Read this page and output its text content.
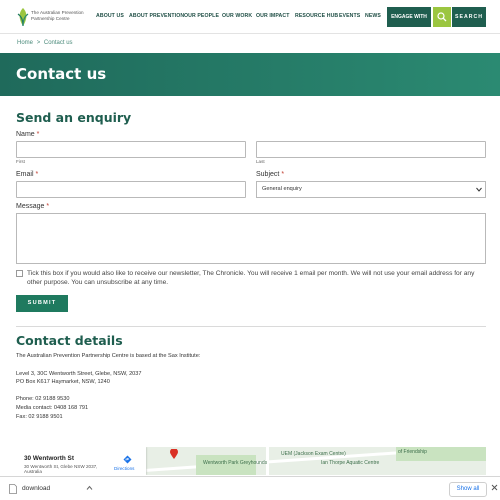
The Australian Prevention
Partnership Centre	ABOUT US ABOUT PREVENTION OUR PEOPLE OUR WORK OUR IMPACT RESOURCE HUB EVENTS NEWS	ENGAGE WITH US
SEARCH
Home > Contact us
Contact us
Send an enquiry
Name *
First	Last
Email *	Subject *
General enquiry
Message *
Tick this box if you would also like to receive our newsletter, The Chronicle. You will receive 1 email per month. We will not use your email address for any other purpose. You can unsubscribe at any time.
SUBMIT
Contact details
The Australian Prevention Partnership Centre is based at the Sax Institute:
Level 3, 30C Wentworth Street, Glebe, NSW, 2037
PO Box K617 Haymarket, NSW, 1240
Phone: 02 9188 9530
Media contact: 0408 168 791
Fax: 02 9188 9501
Wentworth Park Greyhounds
UEM (Jackson Exam Centre)
Ian Thorpe Aquatic Centre
of Friendship
30 Wentworth St
30 Wentworth St, Glebe NSW 2037, Australia
Directions
download	Show all
